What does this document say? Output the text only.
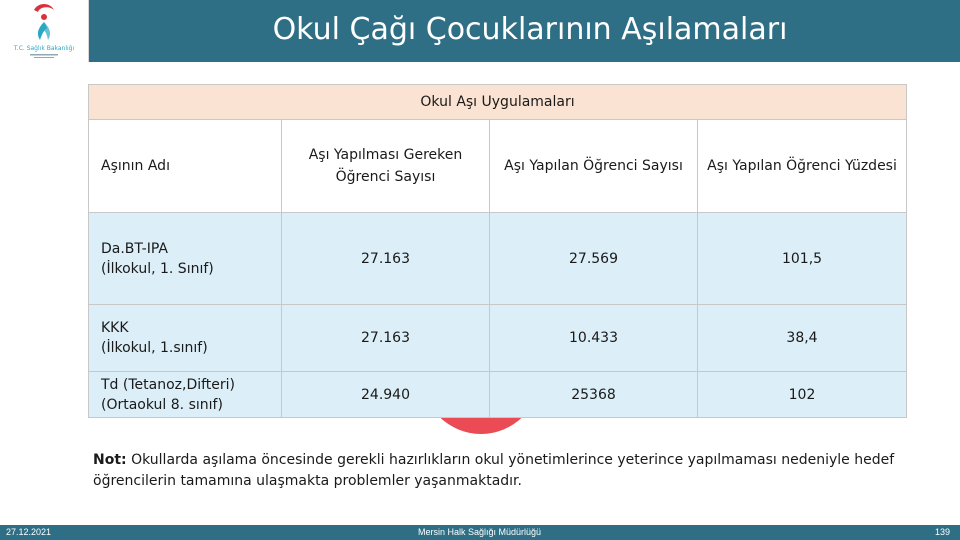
T.C. Sağlık Bakanlığı
Okul Çağı Çocuklarının Aşılamaları
Okul Aşı Uygulamaları			
Aşının Adı	Aşı Yapılması Gereken Öğrenci Sayısı	Aşı Yapılan Öğrenci Sayısı	Aşı Yapılan Öğrenci Yüzdesi

Da.BT-IPA
(İlkokul, 1. Sınıf)	27.163	27.569	101,5

KKK
(İlkokul, 1.sınıf)	27.163	10.433	38,4

Td (Tetanoz,Difteri)
(Ortaokul 8. sınıf)	24.940	25368	102
Not: Okullarda aşılama öncesinde gerekli hazırlıkların okul yönetimlerince yeterince yapılmaması nedeniyle hedef öğrencilerin tamamına ulaşmakta problemler yaşanmaktadır.
27.12.2021	Mersin Halk Sağlığı Müdürlüğü	139
